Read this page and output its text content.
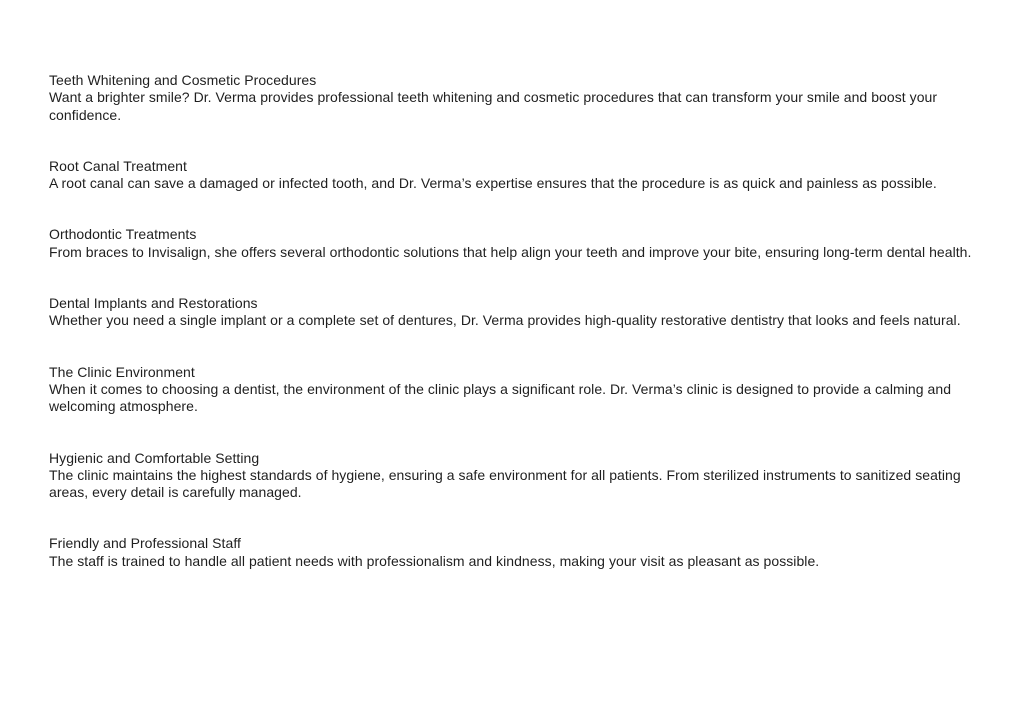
Teeth Whitening and Cosmetic Procedures

Want a brighter smile? Dr. Verma provides professional teeth whitening and cosmetic procedures that can transform your smile and boost your confidence.

Root Canal Treatment

A root canal can save a damaged or infected tooth, and Dr. Verma’s expertise ensures that the procedure is as quick and painless as possible.

Orthodontic Treatments

From braces to Invisalign, she offers several orthodontic solutions that help align your teeth and improve your bite, ensuring long-term dental health.

Dental Implants and Restorations

Whether you need a single implant or a complete set of dentures, Dr. Verma provides high-quality restorative dentistry that looks and feels natural.

The Clinic Environment

When it comes to choosing a dentist, the environment of the clinic plays a significant role. Dr. Verma’s clinic is designed to provide a calming and welcoming atmosphere.

Hygienic and Comfortable Setting

The clinic maintains the highest standards of hygiene, ensuring a safe environment for all patients. From sterilized instruments to sanitized seating areas, every detail is carefully managed.

Friendly and Professional Staff

The staff is trained to handle all patient needs with professionalism and kindness, making your visit as pleasant as possible.
